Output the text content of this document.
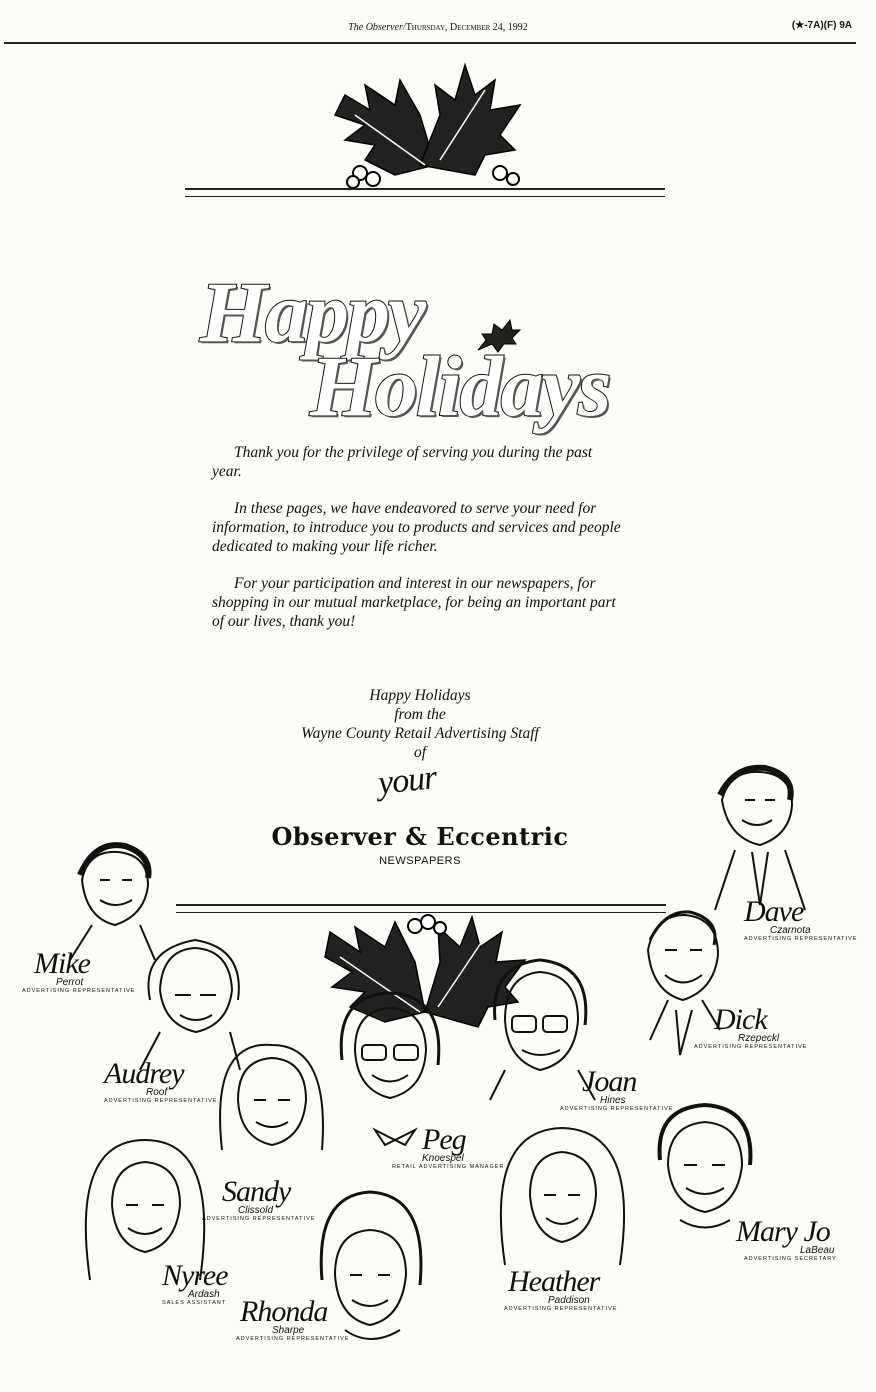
The Observer/Thursday, December 24, 1992	(★-7A)(F) 9A
Happy
Holidays

Thank you for the privilege of serving you during the past year.

In these pages, we have endeavored to serve your need for information, to introduce you to products and services and people dedicated to making your life richer.

For your participation and interest in our newspapers, for shopping in our mutual marketplace, for being an important part of our lives, thank you!

Happy Holidays
from the
Wayne County Retail Advertising Staff
of
your
Observer & Eccentric
NEWSPAPERS
Dave
Czarnota
ADVERTISING REPRESENTATIVE
Mike
Perrot
ADVERTISING REPRESENTATIVE
Dick
Rzepeckl
ADVERTISING REPRESENTATIVE
Audrey
Roof
ADVERTISING REPRESENTATIVE
Joan
Hines
ADVERTISING REPRESENTATIVE
Peg
Knoespel
RETAIL ADVERTISING MANAGER
Sandy
Clissold
ADVERTISING REPRESENTATIVE	Mary Jo
LaBeau
ADVERTISING SECRETARY
Nyree
Ardash
SALES ASSISTANT
Heather
Paddison
ADVERTISING REPRESENTATIVE
Rhonda
Sharpe
ADVERTISING REPRESENTATIVE
